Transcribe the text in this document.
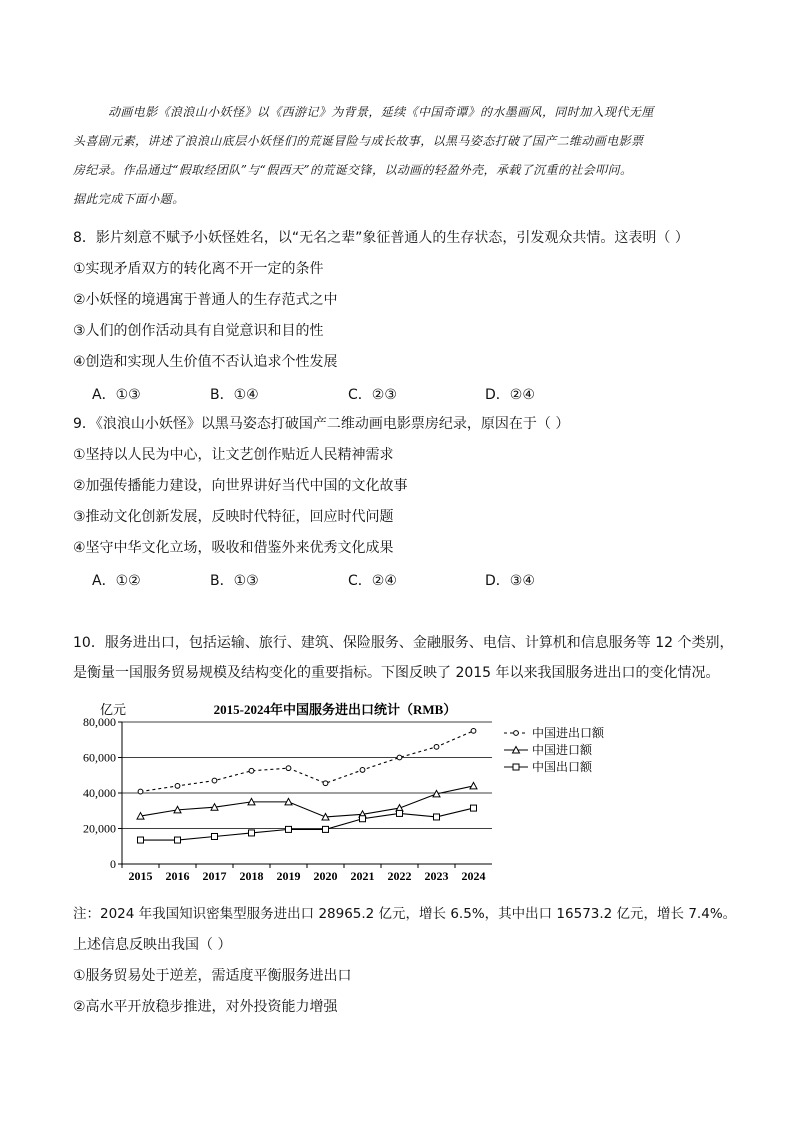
动画电影《浪浪山小妖怪》以《西游记》为背景，延续《中国奇谭》的水墨画风，同时加入现代无厘
头喜剧元素，讲述了浪浪山底层小妖怪们的荒诞冒险与成长故事，以黑马姿态打破了国产二维动画电影票
房纪录。作品通过“假取经团队”与“假西天”的荒诞交锋，以动画的轻盈外壳，承载了沉重的社会叩问。
据此完成下面小题。
8．影片刻意不赋予小妖怪姓名，以“无名之辈”象征普通人的生存状态，引发观众共情。这表明（ ）
①实现矛盾双方的转化离不开一定的条件
②小妖怪的境遇寓于普通人的生存范式之中
③人们的创作活动具有自觉意识和目的性
④创造和实现人生价值不否认追求个性发展
A．①③	B．①④	C．②③	D．②④
9．《浪浪山小妖怪》以黑马姿态打破国产二维动画电影票房纪录，原因在于（ ）
①坚持以人民为中心，让文艺创作贴近人民精神需求
②加强传播能力建设，向世界讲好当代中国的文化故事
③推动文化创新发展，反映时代特征，回应时代问题
④坚守中华文化立场，吸收和借鉴外来优秀文化成果
A．①②	B．①③	C．②④	D．③④
10．服务进出口，包括运输、旅行、建筑、保险服务、金融服务、电信、计算机和信息服务等 12 个类别，
是衡量一国服务贸易规模及结构变化的重要指标。下图反映了 2015 年以来我国服务进出口的变化情况。
亿元	2015-2024年中国服务进出口统计（RMB）
0
20,000
40,000
60,000
80,000
2015 2016 2017 2018 2019 2020 2021 2022 2023 2024
中国进出口额
中国进口额
中国出口额
注：2024 年我国知识密集型服务进出口 28965.2 亿元，增长 6.5%，其中出口 16573.2 亿元，增长 7.4%。
上述信息反映出我国（ ）
①服务贸易处于逆差，需适度平衡服务进出口
②高水平开放稳步推进，对外投资能力增强
